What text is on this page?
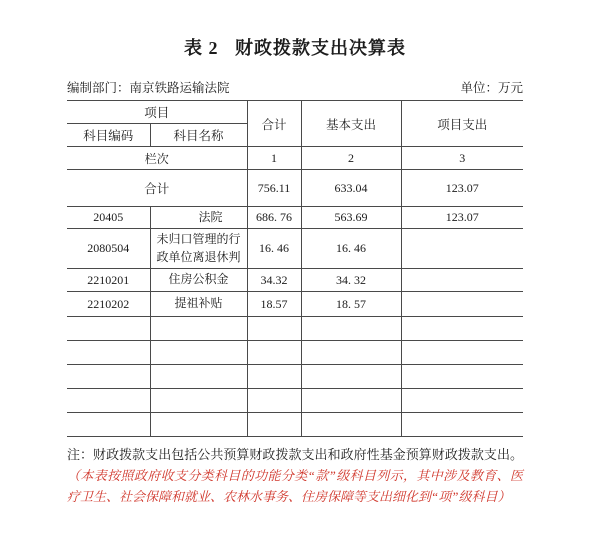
表 2   财政拨款支出决算表
编制部门：南京铁路运输法院	单位：万元
项目		合计	基本支出	项目支出
科目编码	科目名称			
栏次		1	2	3
合计		756.11	633.04	123.07
20405	法院	686. 76	563.69	123.07
2080504	未归口管理的行政单位离退休判	16. 46	16. 46	
2210201	住房公积金	34.32	34. 32	
2210202	提祖补贴	18.57	18. 57	

注：财政拨款支出包括公共预算财政拨款支出和政府性基金预算财政拨款支出。（本表按照政府收支分类科目的功能分类“款”级科目列示，其中涉及教育、医疗卫生、社会保障和就业、农林水事务、住房保障等支出细化到“项”级科目）
